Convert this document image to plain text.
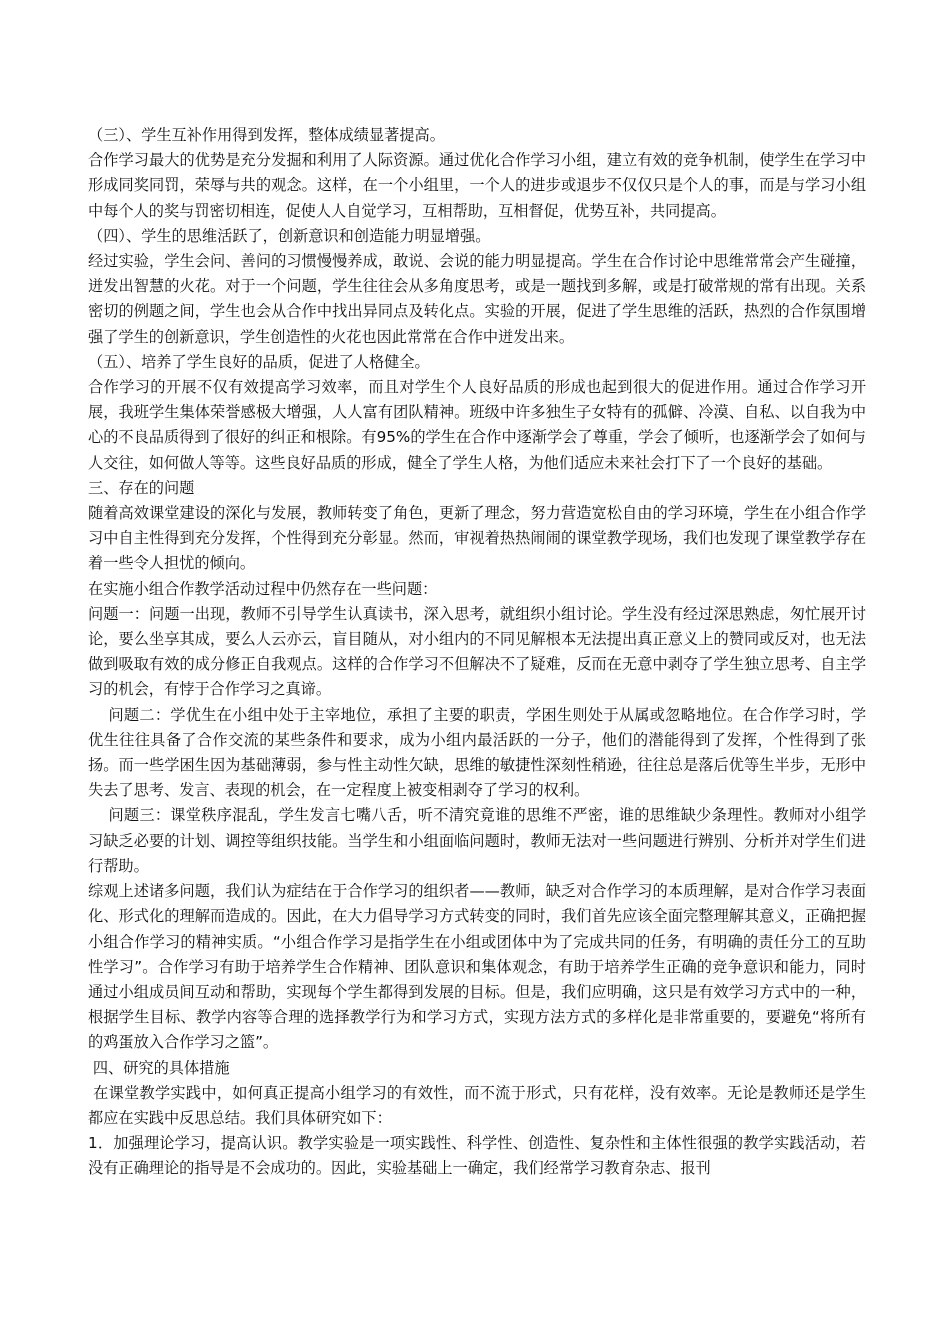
（三）、学生互补作用得到发挥，整体成绩显著提高。

合作学习最大的优势是充分发掘和利用了人际资源。通过优化合作学习小组，建立有效的竞争机制，使学生在学习中形成同奖同罚，荣辱与共的观念。这样，在一个小组里，一个人的进步或退步不仅仅只是个人的事，而是与学习小组中每个人的奖与罚密切相连，促使人人自觉学习，互相帮助，互相督促，优势互补，共同提高。

（四）、学生的思维活跃了，创新意识和创造能力明显增强。

经过实验，学生会问、善问的习惯慢慢养成，敢说、会说的能力明显提高。学生在合作讨论中思维常常会产生碰撞，迸发出智慧的火花。对于一个问题，学生往往会从多角度思考，或是一题找到多解，或是打破常规的常有出现。关系密切的例题之间，学生也会从合作中找出异同点及转化点。实验的开展，促进了学生思维的活跃，热烈的合作氛围增强了学生的创新意识，学生创造性的火花也因此常常在合作中迸发出来。

（五）、培养了学生良好的品质，促进了人格健全。

合作学习的开展不仅有效提高学习效率，而且对学生个人良好品质的形成也起到很大的促进作用。通过合作学习开展，我班学生集体荣誉感极大增强，人人富有团队精神。班级中许多独生子女特有的孤僻、冷漠、自私、以自我为中心的不良品质得到了很好的纠正和根除。有95%的学生在合作中逐渐学会了尊重，学会了倾听，也逐渐学会了如何与人交往，如何做人等等。这些良好品质的形成，健全了学生人格，为他们适应未来社会打下了一个良好的基础。

三、存在的问题

随着高效课堂建设的深化与发展，教师转变了角色，更新了理念，努力营造宽松自由的学习环境，学生在小组合作学习中自主性得到充分发挥，个性得到充分彰显。然而，审视着热热闹闹的课堂教学现场，我们也发现了课堂教学存在着一些令人担忧的倾向。

在实施小组合作教学活动过程中仍然存在一些问题：

问题一：问题一出现，教师不引导学生认真读书，深入思考，就组织小组讨论。学生没有经过深思熟虑，匆忙展开讨论，要么坐享其成，要么人云亦云，盲目随从，对小组内的不同见解根本无法提出真正意义上的赞同或反对，也无法做到吸取有效的成分修正自我观点。这样的合作学习不但解决不了疑难，反而在无意中剥夺了学生独立思考、自主学习的机会，有悖于合作学习之真谛。

问题二：学优生在小组中处于主宰地位，承担了主要的职责，学困生则处于从属或忽略地位。在合作学习时，学优生往往具备了合作交流的某些条件和要求，成为小组内最活跃的一分子，他们的潜能得到了发挥，个性得到了张扬。而一些学困生因为基础薄弱，参与性主动性欠缺，思维的敏捷性深刻性稍逊，往往总是落后优等生半步，无形中失去了思考、发言、表现的机会，在一定程度上被变相剥夺了学习的权利。

问题三：课堂秩序混乱，学生发言七嘴八舌，听不清究竟谁的思维不严密，谁的思维缺少条理性。教师对小组学习缺乏必要的计划、调控等组织技能。当学生和小组面临问题时，教师无法对一些问题进行辨别、分析并对学生们进行帮助。

综观上述诸多问题，我们认为症结在于合作学习的组织者——教师，缺乏对合作学习的本质理解，是对合作学习表面化、形式化的理解而造成的。因此，在大力倡导学习方式转变的同时，我们首先应该全面完整理解其意义，正确把握小组合作学习的精神实质。“小组合作学习是指学生在小组或团体中为了完成共同的任务，有明确的责任分工的互助性学习”。合作学习有助于培养学生合作精神、团队意识和集体观念，有助于培养学生正确的竞争意识和能力，同时通过小组成员间互动和帮助，实现每个学生都得到发展的目标。但是，我们应明确，这只是有效学习方式中的一种，根据学生目标、教学内容等合理的选择教学行为和学习方式，实现方法方式的多样化是非常重要的，要避免“将所有的鸡蛋放入合作学习之篮”。

四、研究的具体措施

在课堂教学实践中，如何真正提高小组学习的有效性，而不流于形式，只有花样，没有效率。无论是教师还是学生都应在实践中反思总结。我们具体研究如下：

1．加强理论学习，提高认识。教学实验是一项实践性、科学性、创造性、复杂性和主体性很强的教学实践活动，若没有正确理论的指导是不会成功的。因此，实验基础上一确定，我们经常学习教育杂志、报刊
